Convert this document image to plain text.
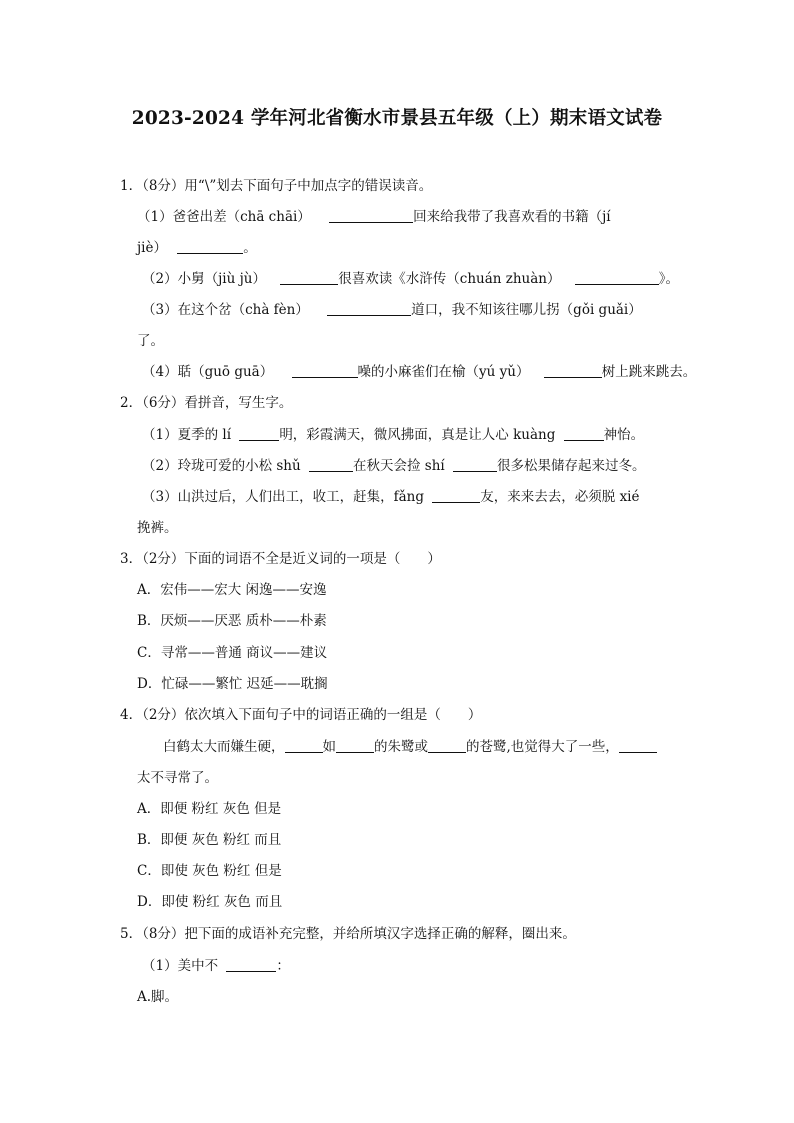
2023-2024 学年河北省衡水市景县五年级（上）期末语文试卷
1．（8分）用“\”划去下面句子中加点字的错误读音。
（1）爸爸出差（chā chāi）	回来给我带了我喜欢看的书籍（jí
jiè）	。
（2）小舅（jiù jù）	很喜欢读《水浒传（chuán zhuàn）	》。
（3）在这个岔（chà fèn）	道口，我不知该往哪儿拐（gǒi guǎi）
了。
（4）聒（guō guā）	噪的小麻雀们在榆（yú yǔ）	树上跳来跳去。
2．（6分）看拼音，写生字。
（1）夏季的 lí	明，彩霞满天，微风拂面，真是让人心 kuàng	神怡。
（2）玲珑可爱的小松 shǔ	在秋天会捡 shí	很多松果储存起来过冬。
（3）山洪过后，人们出工，收工，赶集，fǎng	友，来来去去，必须脱 xié
挽裤。
3．（2分）下面的词语不全是近义词的一项是（　　）
A．宏伟——宏大 闲逸——安逸
B．厌烦——厌恶 质朴——朴素
C．寻常——普通 商议——建议
D．忙碌——繁忙 迟延——耽搁
4．（2分）依次填入下面句子中的词语正确的一组是（　　）
白鹤太大而嫌生硬，	如	的朱鹭或	的苍鹭,也觉得大了一些，
太不寻常了。
A．即便 粉红 灰色 但是
B．即便 灰色 粉红 而且
C．即使 灰色 粉红 但是
D．即使 粉红 灰色 而且
5．（8分）把下面的成语补充完整，并给所填汉字选择正确的解释，圈出来。
（1）美中不	：
A.脚。
